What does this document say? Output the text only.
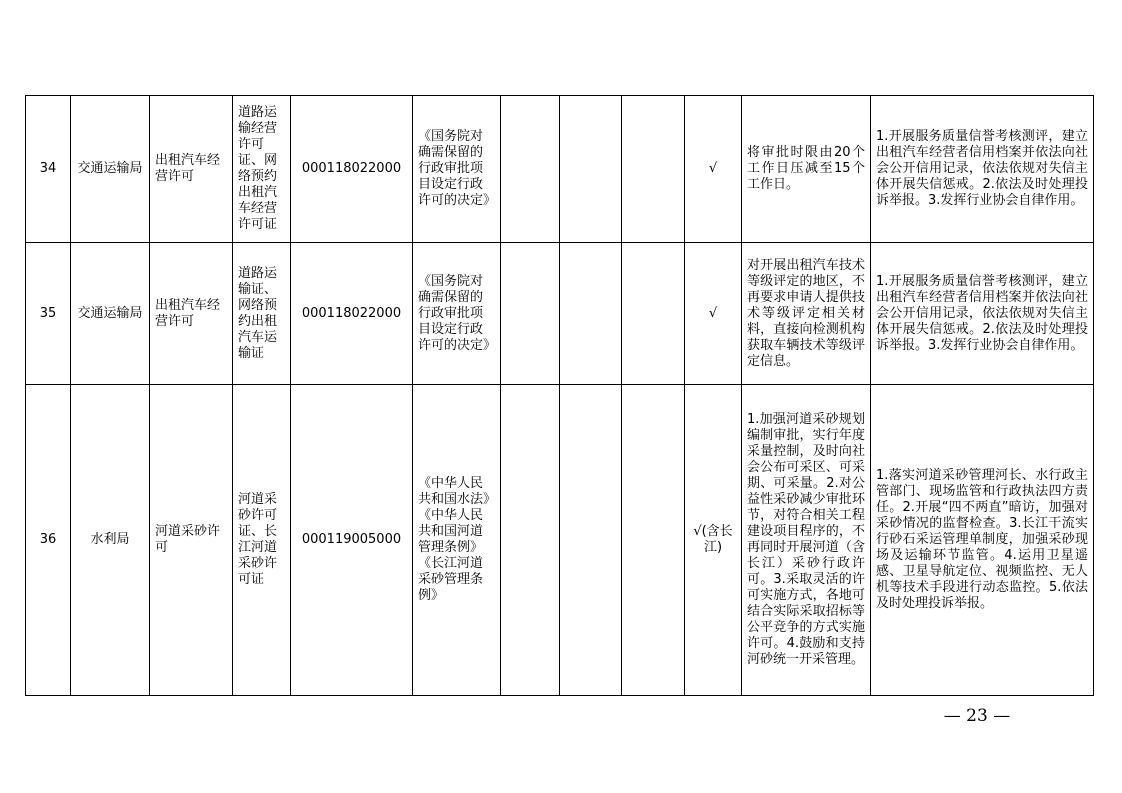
34	交通运输局	出租汽车经营许可	道路运输经营许可证、网络预约出租汽车经营许可证	000118022000	《国务院对确需保留的行政审批项目设定行政许可的决定》				√	将审批时限由20个工作日压减至15个工作日。	1.开展服务质量信誉考核测评，建立出租汽车经营者信用档案并依法向社会公开信用记录，依法依规对失信主体开展失信惩戒。2.依法及时处理投诉举报。3.发挥行业协会自律作用。
35	交通运输局	出租汽车经营许可	道路运输证、网络预约出租汽车运输证	000118022000	《国务院对确需保留的行政审批项目设定行政许可的决定》				√	对开展出租汽车技术等级评定的地区，不再要求申请人提供技术等级评定相关材料，直接向检测机构获取车辆技术等级评定信息。	1.开展服务质量信誉考核测评，建立出租汽车经营者信用档案并依法向社会公开信用记录，依法依规对失信主体开展失信惩戒。2.依法及时处理投诉举报。3.发挥行业协会自律作用。
36	水利局	河道采砂许可	河道采砂许可证、长江河道采砂许可证	000119005000	《中华人民共和国水法》《中华人民共和国河道管理条例》《长江河道采砂管理条例》				√(含长江)	1.加强河道采砂规划编制审批，实行年度采量控制，及时向社会公布可采区、可采期、可采量。2.对公益性采砂减少审批环节，对符合相关工程建设项目程序的，不再同时开展河道（含长江）采砂行政许可。3.采取灵活的许可实施方式，各地可结合实际采取招标等公平竞争的方式实施许可。4.鼓励和支持河砂统一开采管理。	1.落实河道采砂管理河长、水行政主管部门、现场监管和行政执法四方责任。2.开展“四不两直”暗访，加强对采砂情况的监督检查。3.长江干流实行砂石采运管理单制度，加强采砂现场及运输环节监管。4.运用卫星遥感、卫星导航定位、视频监控、无人机等技术手段进行动态监控。5.依法及时处理投诉举报。
— 23 —
